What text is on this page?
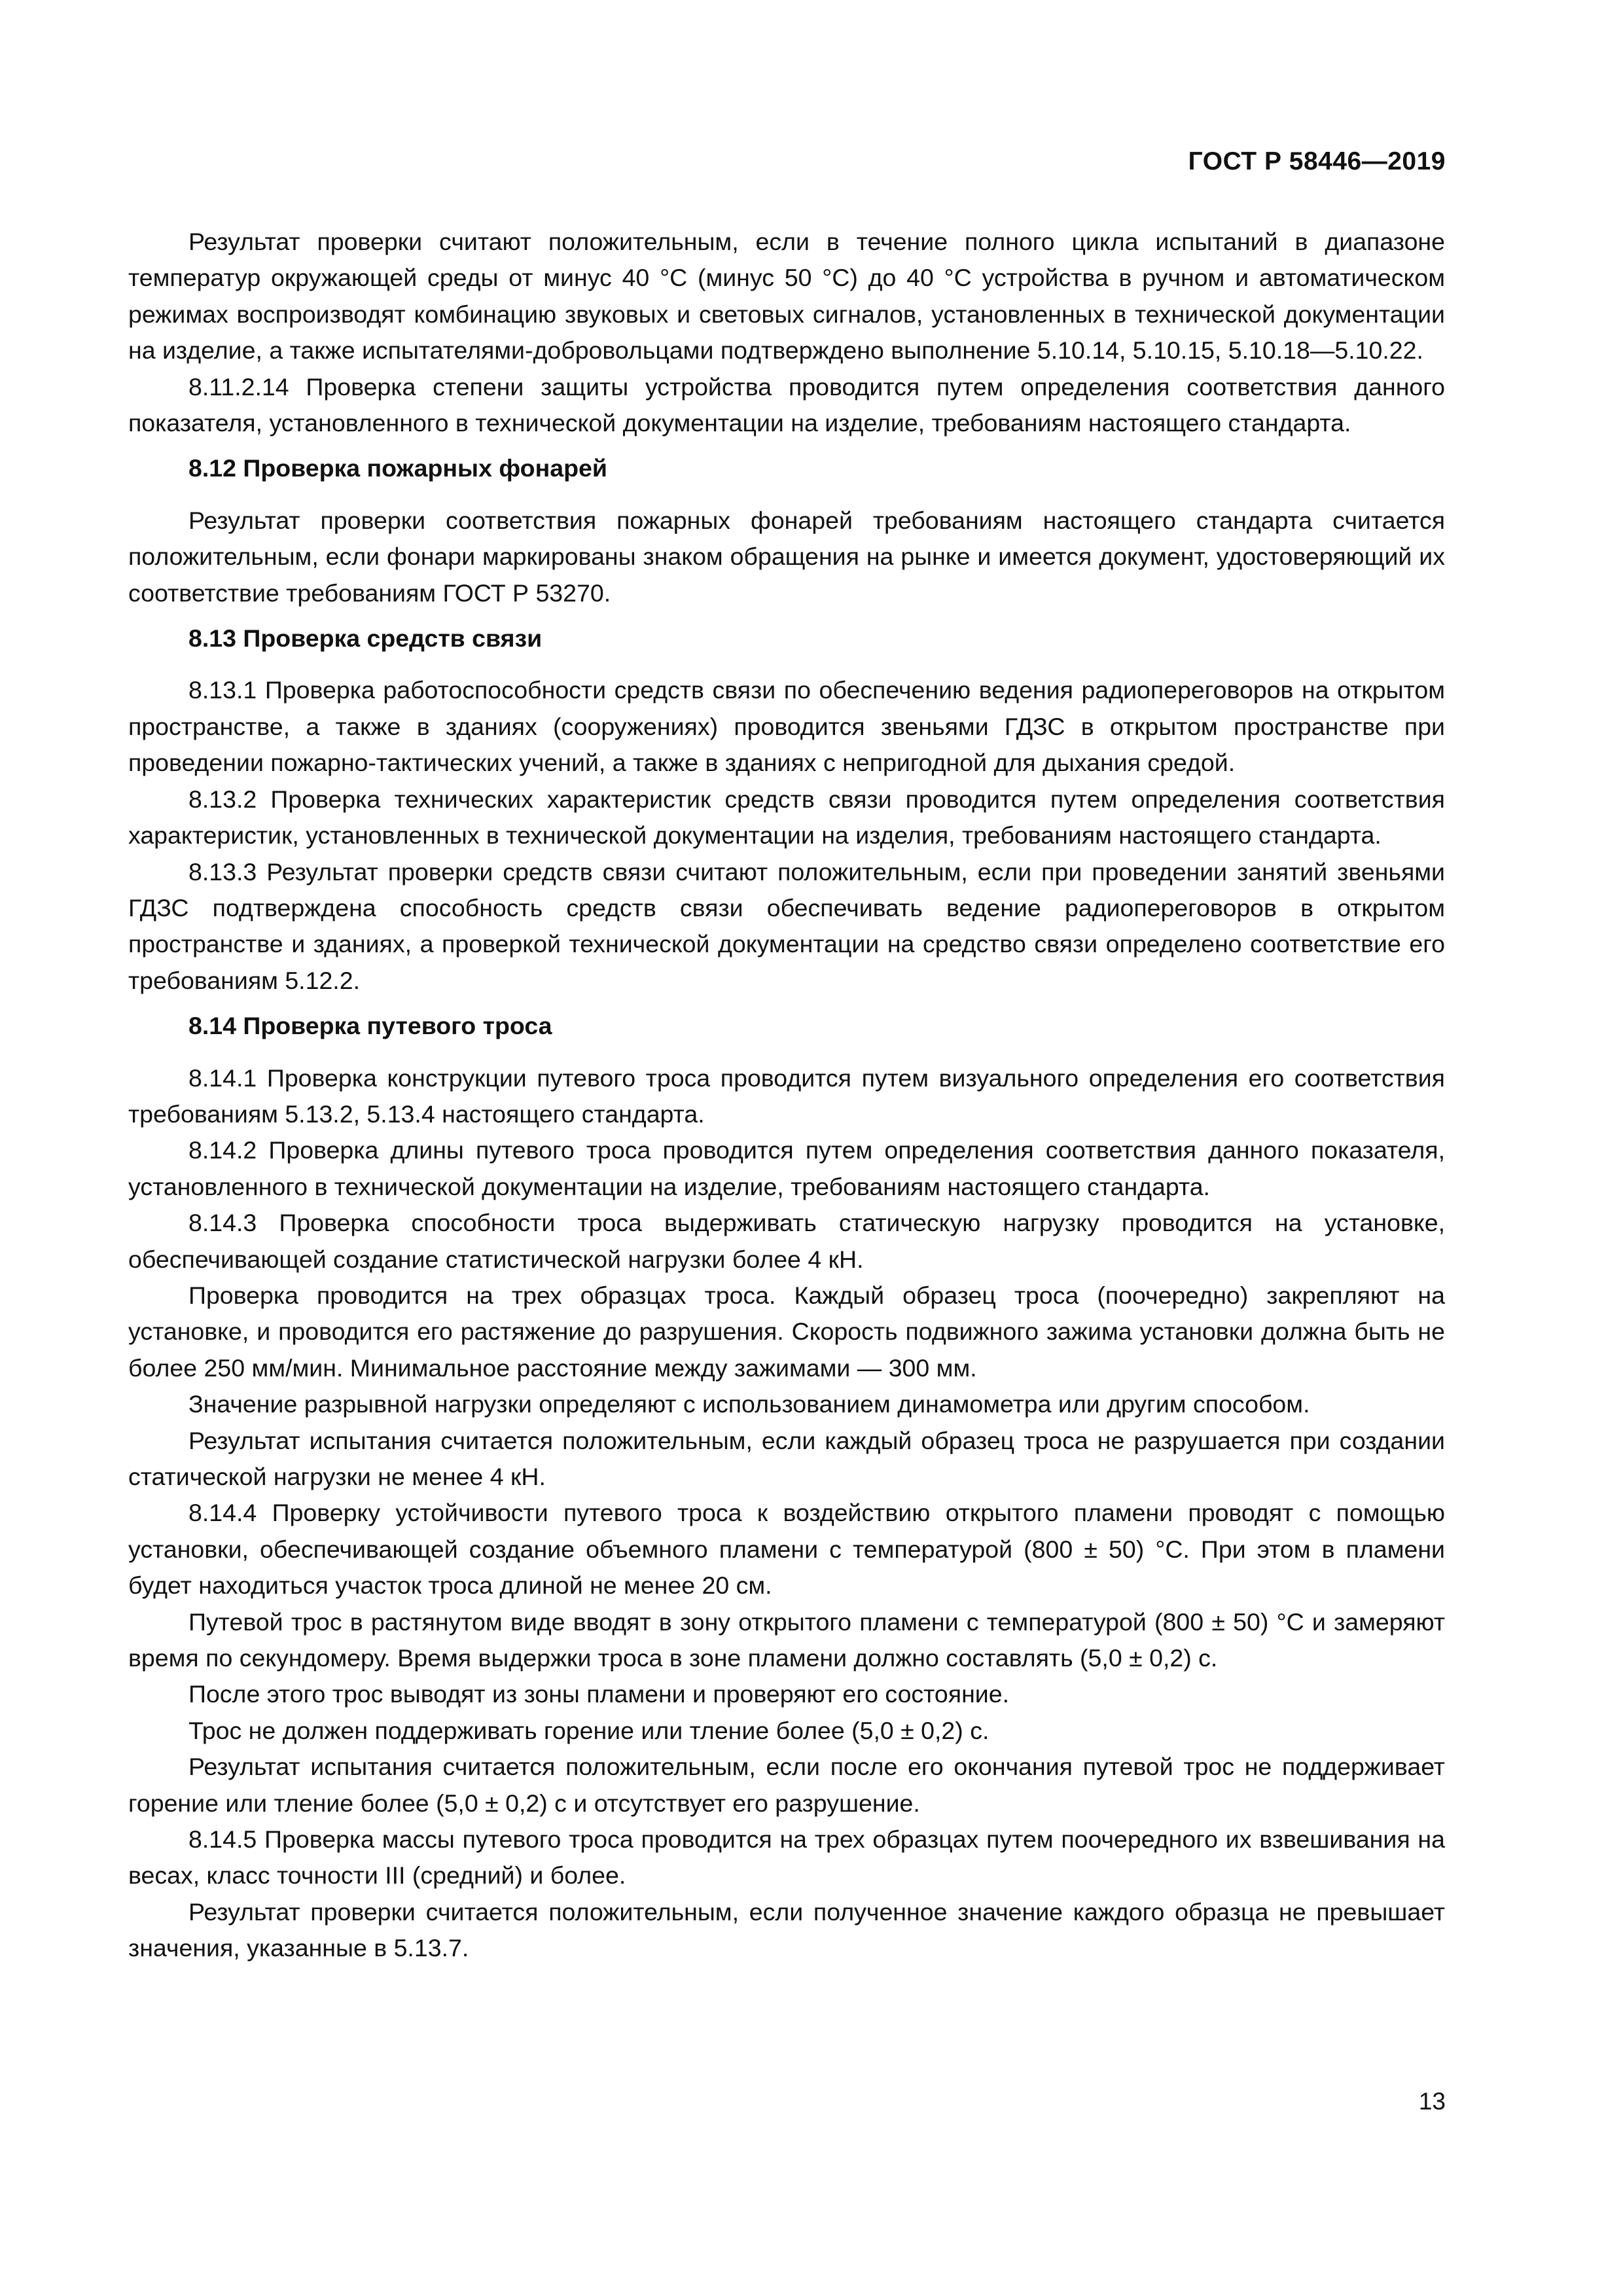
ГОСТ Р 58446—2019

Результат проверки считают положительным, если в течение полного цикла испытаний в диапазоне температур окружающей среды от минус 40 °С (минус 50 °С) до 40 °С устройства в ручном и автоматическом режимах воспроизводят комбинацию звуковых и световых сигналов, установленных в технической документации на изделие, а также испытателями-добровольцами подтверждено выполнение 5.10.14, 5.10.15, 5.10.18—5.10.22.

8.11.2.14 Проверка степени защиты устройства проводится путем определения соответствия данного показателя, установленного в технической документации на изделие, требованиям настоящего стандарта.

8.12 Проверка пожарных фонарей

Результат проверки соответствия пожарных фонарей требованиям настоящего стандарта считается положительным, если фонари маркированы знаком обращения на рынке и имеется документ, удостоверяющий их соответствие требованиям ГОСТ Р 53270.

8.13 Проверка средств связи

8.13.1 Проверка работоспособности средств связи по обеспечению ведения радиопереговоров на открытом пространстве, а также в зданиях (сооружениях) проводится звеньями ГДЗС в открытом пространстве при проведении пожарно-тактических учений, а также в зданиях с непригодной для дыхания средой.

8.13.2 Проверка технических характеристик средств связи проводится путем определения соответствия характеристик, установленных в технической документации на изделия, требованиям настоящего стандарта.

8.13.3 Результат проверки средств связи считают положительным, если при проведении занятий звеньями ГДЗС подтверждена способность средств связи обеспечивать ведение радиопереговоров в открытом пространстве и зданиях, а проверкой технической документации на средство связи определено соответствие его требованиям 5.12.2.

8.14 Проверка путевого троса

8.14.1 Проверка конструкции путевого троса проводится путем визуального определения его соответствия требованиям 5.13.2, 5.13.4 настоящего стандарта.

8.14.2 Проверка длины путевого троса проводится путем определения соответствия данного показателя, установленного в технической документации на изделие, требованиям настоящего стандарта.

8.14.3 Проверка способности троса выдерживать статическую нагрузку проводится на установке, обеспечивающей создание статистической нагрузки более 4 кН.

Проверка проводится на трех образцах троса. Каждый образец троса (поочередно) закрепляют на установке, и проводится его растяжение до разрушения. Скорость подвижного зажима установки должна быть не более 250 мм/мин. Минимальное расстояние между зажимами — 300 мм.

Значение разрывной нагрузки определяют с использованием динамометра или другим способом.

Результат испытания считается положительным, если каждый образец троса не разрушается при создании статической нагрузки не менее 4 кН.

8.14.4 Проверку устойчивости путевого троса к воздействию открытого пламени проводят с помощью установки, обеспечивающей создание объемного пламени с температурой (800 ± 50) °С. При этом в пламени будет находиться участок троса длиной не менее 20 см.

Путевой трос в растянутом виде вводят в зону открытого пламени с температурой (800 ± 50) °С и замеряют время по секундомеру. Время выдержки троса в зоне пламени должно составлять (5,0 ± 0,2) с.

После этого трос выводят из зоны пламени и проверяют его состояние.

Трос не должен поддерживать горение или тление более (5,0 ± 0,2) с.

Результат испытания считается положительным, если после его окончания путевой трос не поддерживает горение или тление более (5,0 ± 0,2) с и отсутствует его разрушение.

8.14.5 Проверка массы путевого троса проводится на трех образцах путем поочередного их взвешивания на весах, класс точности III (средний) и более.

Результат проверки считается положительным, если полученное значение каждого образца не превышает значения, указанные в 5.13.7.

13
